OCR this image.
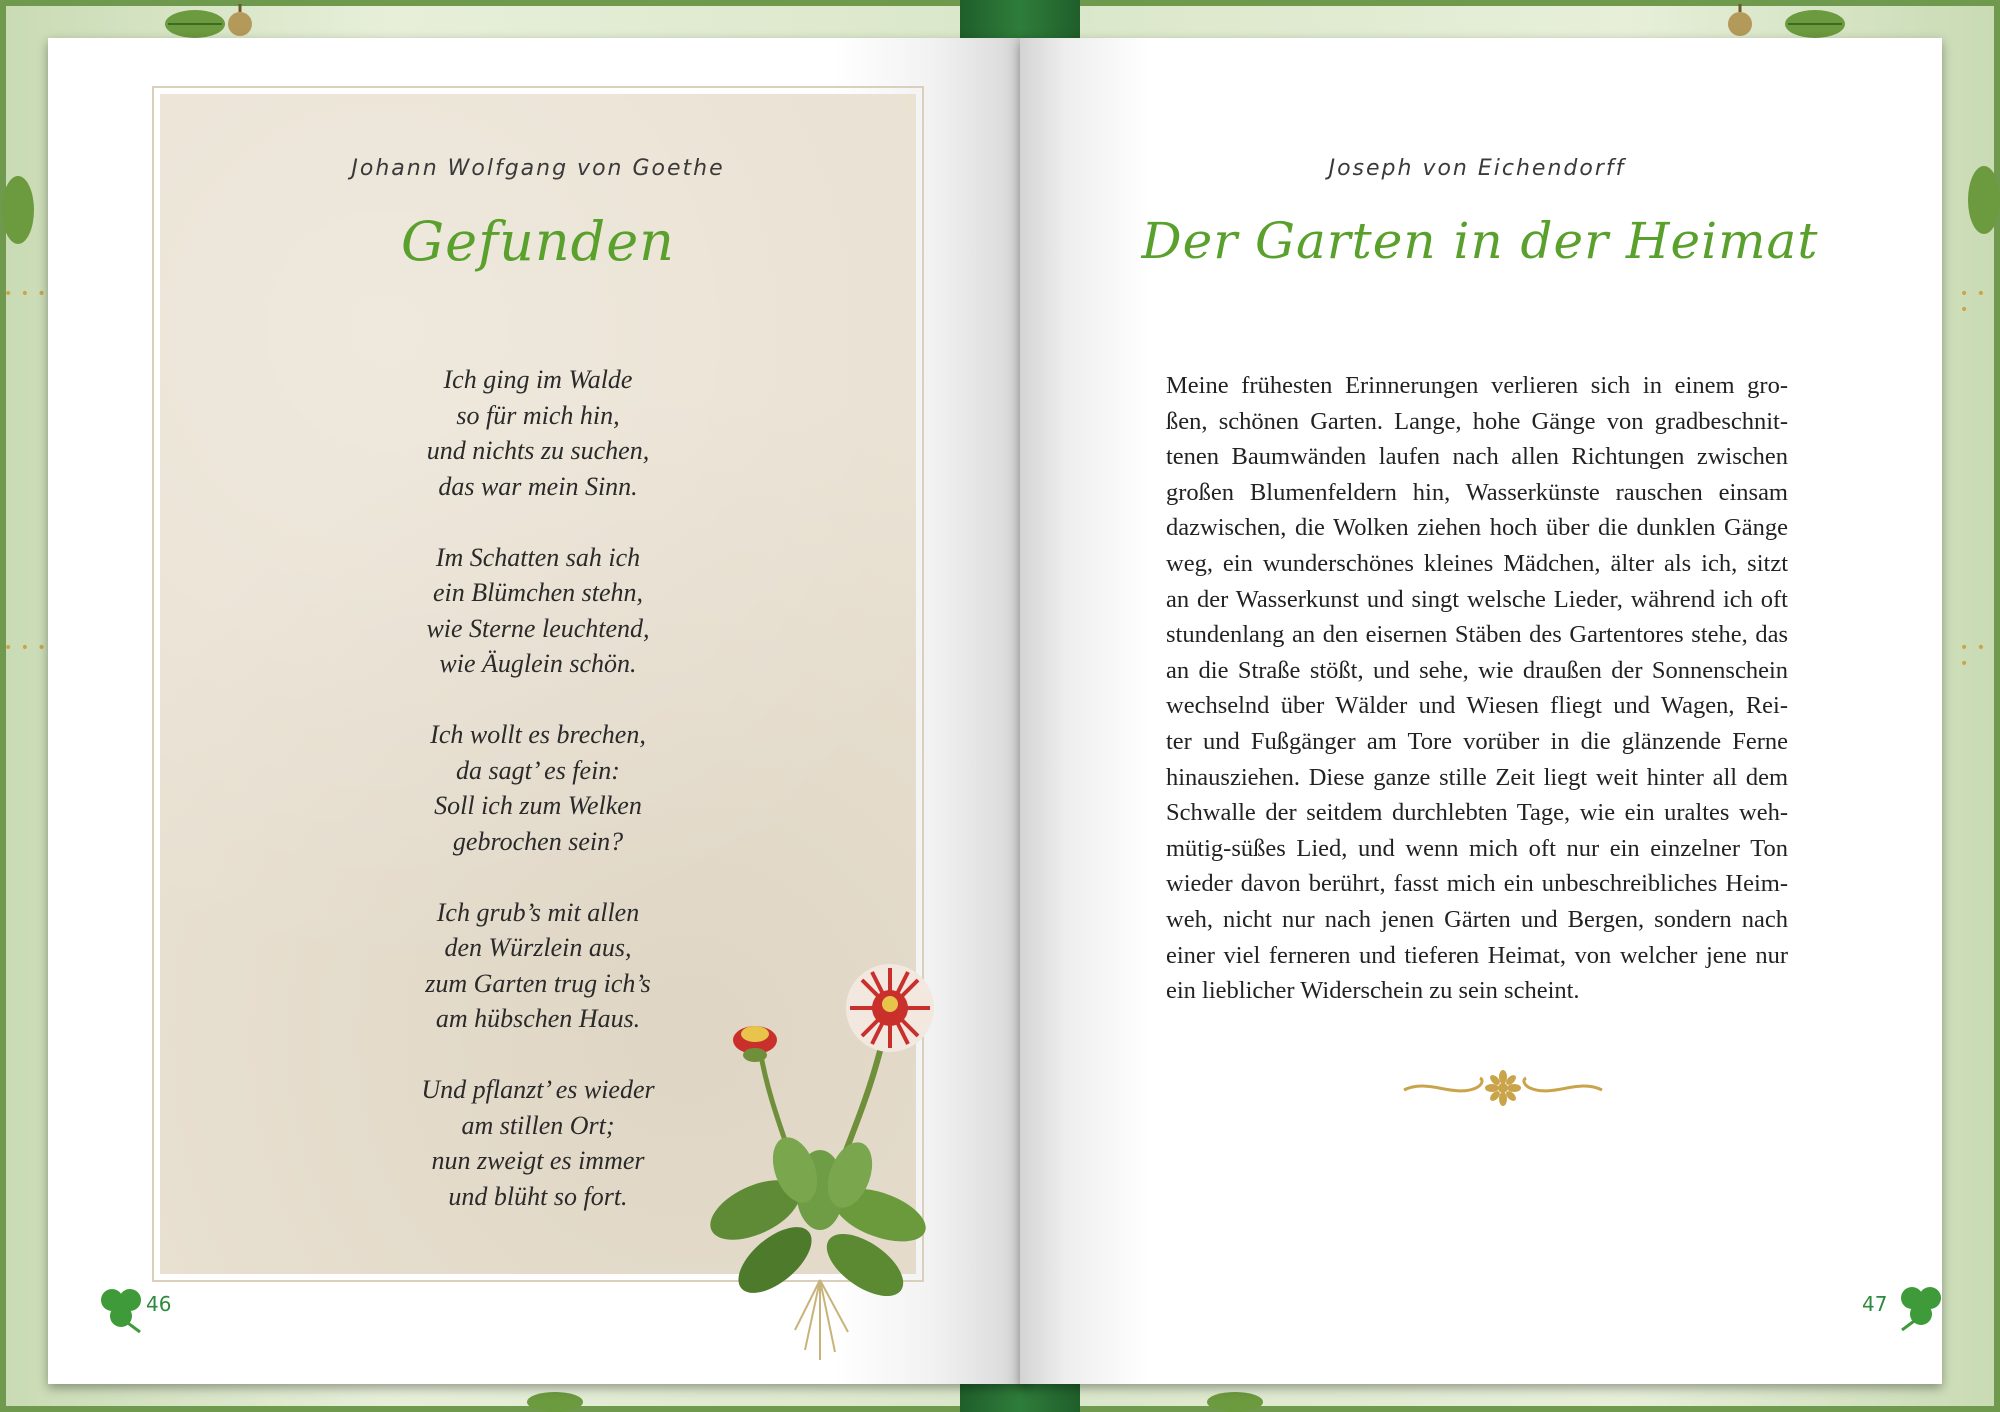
• • •
• • •
• • •
• • •
Johann Wolfgang von Goethe
Gefunden
Ich ging im Walde
so für mich hin,
und nichts zu suchen,
das war mein Sinn.
Im Schatten sah ich
ein Blümchen stehn,
wie Sterne leuchtend,
wie Äuglein schön.
Ich wollt es brechen,
da sagt’ es fein:
Soll ich zum Welken
gebrochen sein?
Ich grub’s mit allen
den Würzlein aus,
zum Garten trug ich’s
am hübschen Haus.
Und pflanzt’ es wieder
am stillen Ort;
nun zweigt es immer
und blüht so fort.
46
Joseph von Eichendorff
Der Garten in der Heimat
Meine frühesten Erinnerungen verlieren sich in einem gro-
ßen, schönen Garten. Lange, hohe Gänge von gradbeschnit-
tenen Baumwänden laufen nach allen Richtungen zwischen
großen Blumenfeldern hin, Wasserkünste rauschen einsam
dazwischen, die Wolken ziehen hoch über die dunklen Gänge
weg, ein wunderschönes kleines Mädchen, älter als ich, sitzt
an der Wasserkunst und singt welsche Lieder, während ich oft
stundenlang an den eisernen Stäben des Gartentores stehe, das
an die Straße stößt, und sehe, wie draußen der Sonnenschein
wechselnd über Wälder und Wiesen fliegt und Wagen, Rei-
ter und Fußgänger am Tore vorüber in die glänzende Ferne
hinausziehen. Diese ganze stille Zeit liegt weit hinter all dem
Schwalle der seitdem durchlebten Tage, wie ein uraltes weh-
mütig-süßes Lied, und wenn mich oft nur ein einzelner Ton
wieder davon berührt, fasst mich ein unbeschreibliches Heim-
weh, nicht nur nach jenen Gärten und Bergen, sondern nach
einer viel ferneren und tieferen Heimat, von welcher jene nur
ein lieblicher Widerschein zu sein scheint.
47
